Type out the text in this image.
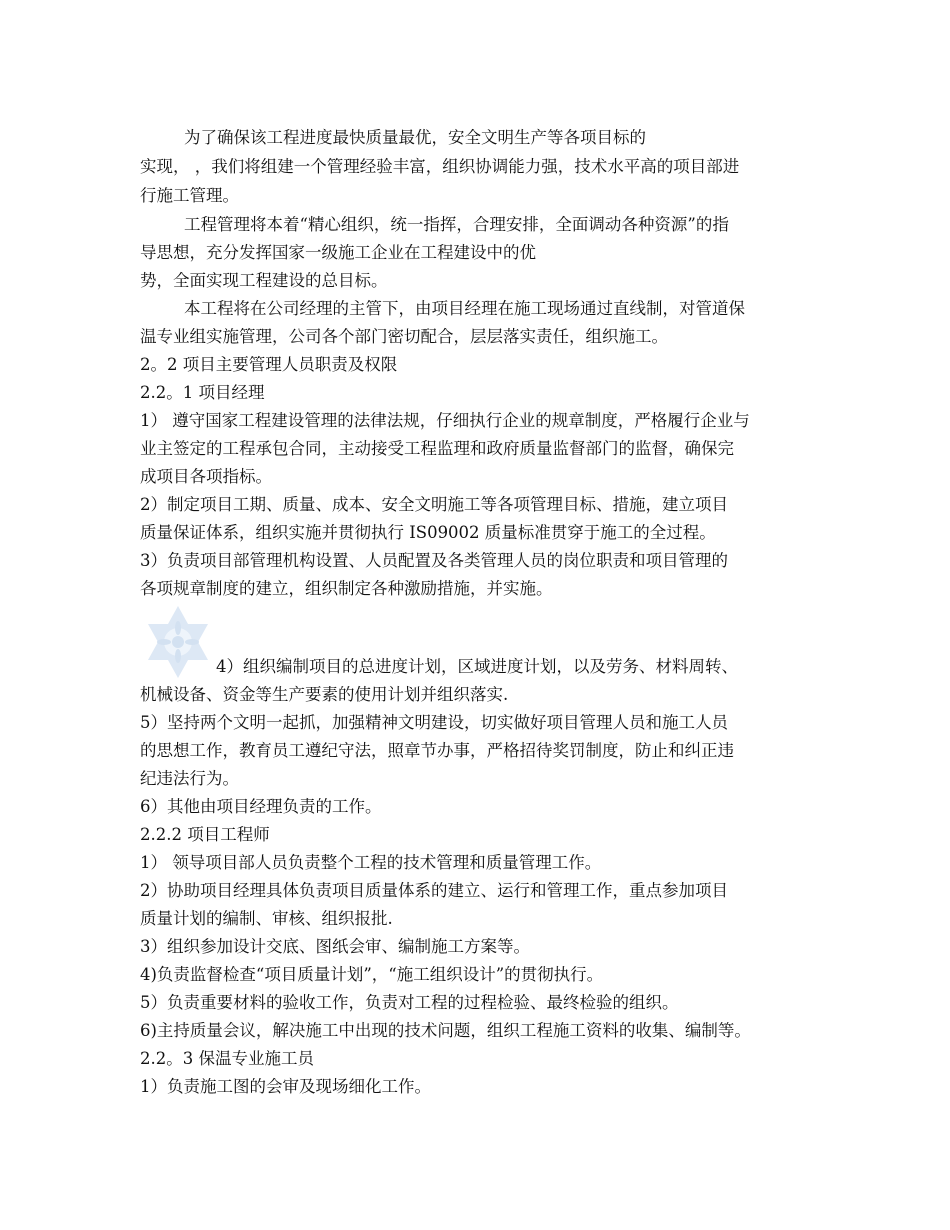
为了确保该工程进度最快质量最优，安全文明生产等各项目标的
实现， ，我们将组建一个管理经验丰富，组织协调能力强，技术水平高的项目部进
行施工管理。
工程管理将本着“精心组织，统一指挥，合理安排，全面调动各种资源”的指
导思想，充分发挥国家一级施工企业在工程建设中的优
势，全面实现工程建设的总目标。
本工程将在公司经理的主管下，由项目经理在施工现场通过直线制，对管道保
温专业组实施管理，公司各个部门密切配合，层层落实责任，组织施工。
2。2 项目主要管理人员职责及权限
2.2。1 项目经理
1） 遵守国家工程建设管理的法律法规，仔细执行企业的规章制度，严格履行企业与
业主签定的工程承包合同，主动接受工程监理和政府质量监督部门的监督，确保完
成项目各项指标。
2）制定项目工期、质量、成本、安全文明施工等各项管理目标、措施，建立项目
质量保证体系，组织实施并贯彻执行 IS09002 质量标准贯穿于施工的全过程。
3）负责项目部管理机构设置、人员配置及各类管理人员的岗位职责和项目管理的
各项规章制度的建立，组织制定各种激励措施，并实施。
4）组织编制项目的总进度计划，区域进度计划，以及劳务、材料周转、
机械设备、资金等生产要素的使用计划并组织落实.
5）坚持两个文明一起抓，加强精神文明建设，切实做好项目管理人员和施工人员
的思想工作，教育员工遵纪守法，照章节办事，严格招待奖罚制度，防止和纠正违
纪违法行为。
6）其他由项目经理负责的工作。
2.2.2 项目工程师
1） 领导项目部人员负责整个工程的技术管理和质量管理工作。
2）协助项目经理具体负责项目质量体系的建立、运行和管理工作，重点参加项目
质量计划的编制、审核、组织报批.
3）组织参加设计交底、图纸会审、编制施工方案等。
4)负责监督检查“项目质量计划”，“施工组织设计”的贯彻执行。
5）负责重要材料的验收工作，负责对工程的过程检验、最终检验的组织。
6)主持质量会议，解决施工中出现的技术问题，组织工程施工资料的收集、编制等。
2.2。3 保温专业施工员
1）负责施工图的会审及现场细化工作。
